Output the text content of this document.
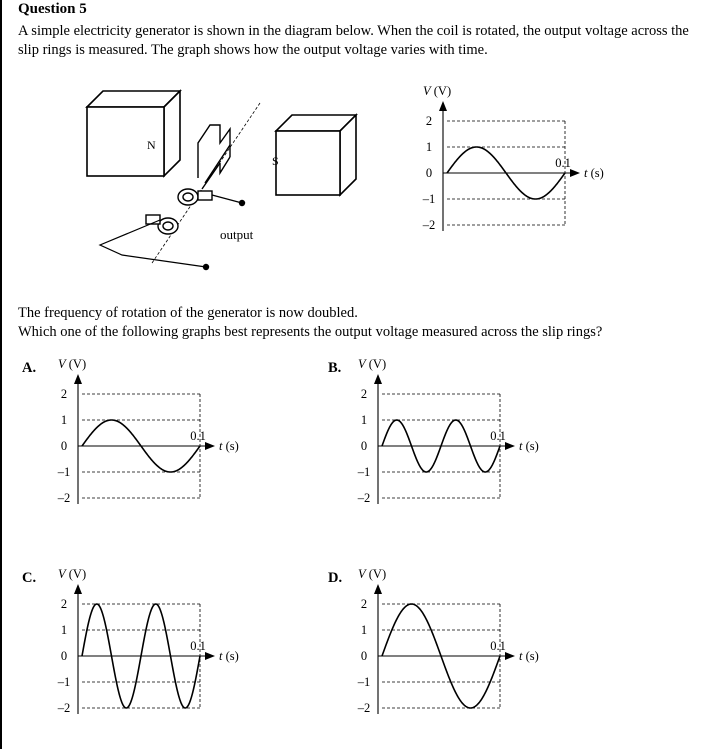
Question 5
A simple electricity generator is shown in the diagram below. When the coil is rotated, the output voltage across the
slip rings is measured. The graph shows how the output voltage varies with time.
N
S
output
V (V)
t (s)
2
1
0
–1
–2
0.1
The frequency of rotation of the generator is now doubled.
Which one of the following graphs best represents the output voltage measured across the slip rings?
A. V (V)
t (s)
2
1
0
–1
–2
0.1
B. V (V)
t (s)
2
1
0
–1
–2
0.1
C. V (V)
t (s)
2
1
0
–1
–2
0.1
D. V (V)
t (s)
2
1
0
–1
–2
0.1
